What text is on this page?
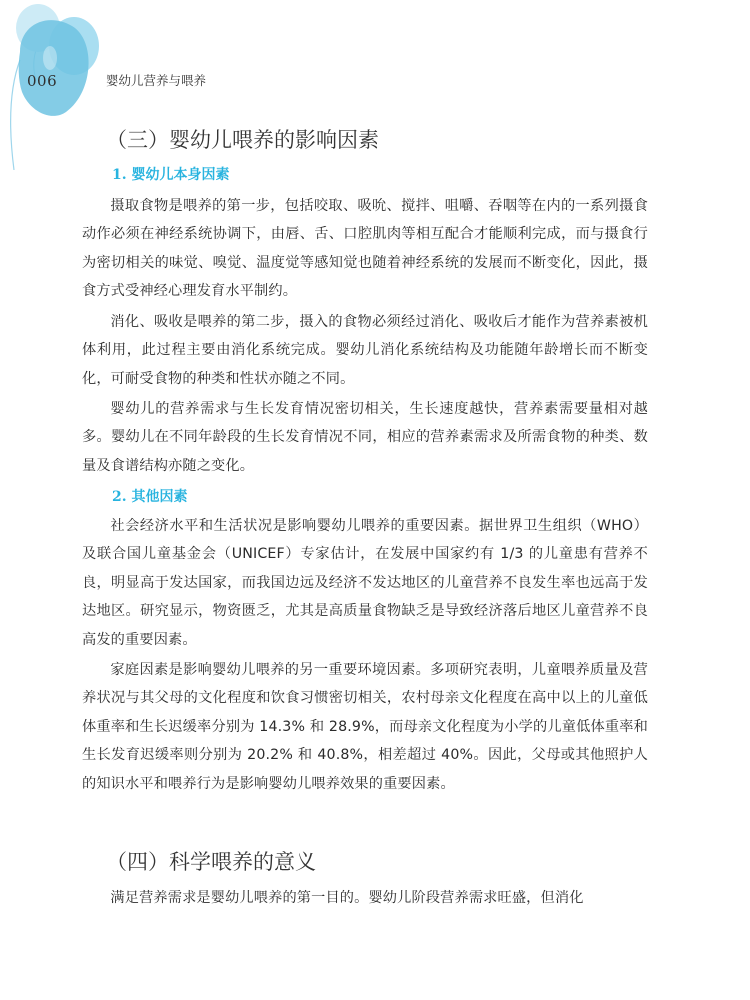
006	婴幼儿营养与喂养
（三）婴幼儿喂养的影响因素
1. 婴幼儿本身因素

摄取食物是喂养的第一步，包括咬取、吸吮、搅拌、咀嚼、吞咽等在内的一系列摄食动作必须在神经系统协调下，由唇、舌、口腔肌肉等相互配合才能顺利完成，而与摄食行为密切相关的味觉、嗅觉、温度觉等感知觉也随着神经系统的发展而不断变化，因此，摄食方式受神经心理发育水平制约。

消化、吸收是喂养的第二步，摄入的食物必须经过消化、吸收后才能作为营养素被机体利用，此过程主要由消化系统完成。婴幼儿消化系统结构及功能随年龄增长而不断变化，可耐受食物的种类和性状亦随之不同。

婴幼儿的营养需求与生长发育情况密切相关，生长速度越快，营养素需要量相对越多。婴幼儿在不同年龄段的生长发育情况不同，相应的营养素需求及所需食物的种类、数量及食谱结构亦随之变化。

2. 其他因素

社会经济水平和生活状况是影响婴幼儿喂养的重要因素。据世界卫生组织（WHO）及联合国儿童基金会（UNICEF）专家估计，在发展中国家约有 1/3 的儿童患有营养不良，明显高于发达国家，而我国边远及经济不发达地区的儿童营养不良发生率也远高于发达地区。研究显示，物资匮乏，尤其是高质量食物缺乏是导致经济落后地区儿童营养不良高发的重要因素。

家庭因素是影响婴幼儿喂养的另一重要环境因素。多项研究表明，儿童喂养质量及营养状况与其父母的文化程度和饮食习惯密切相关，农村母亲文化程度在高中以上的儿童低体重率和生长迟缓率分别为 14.3% 和 28.9%，而母亲文化程度为小学的儿童低体重率和生长发育迟缓率则分别为 20.2% 和 40.8%，相差超过 40%。因此，父母或其他照护人的知识水平和喂养行为是影响婴幼儿喂养效果的重要因素。

（四）科学喂养的意义

满足营养需求是婴幼儿喂养的第一目的。婴幼儿阶段营养需求旺盛，但消化
